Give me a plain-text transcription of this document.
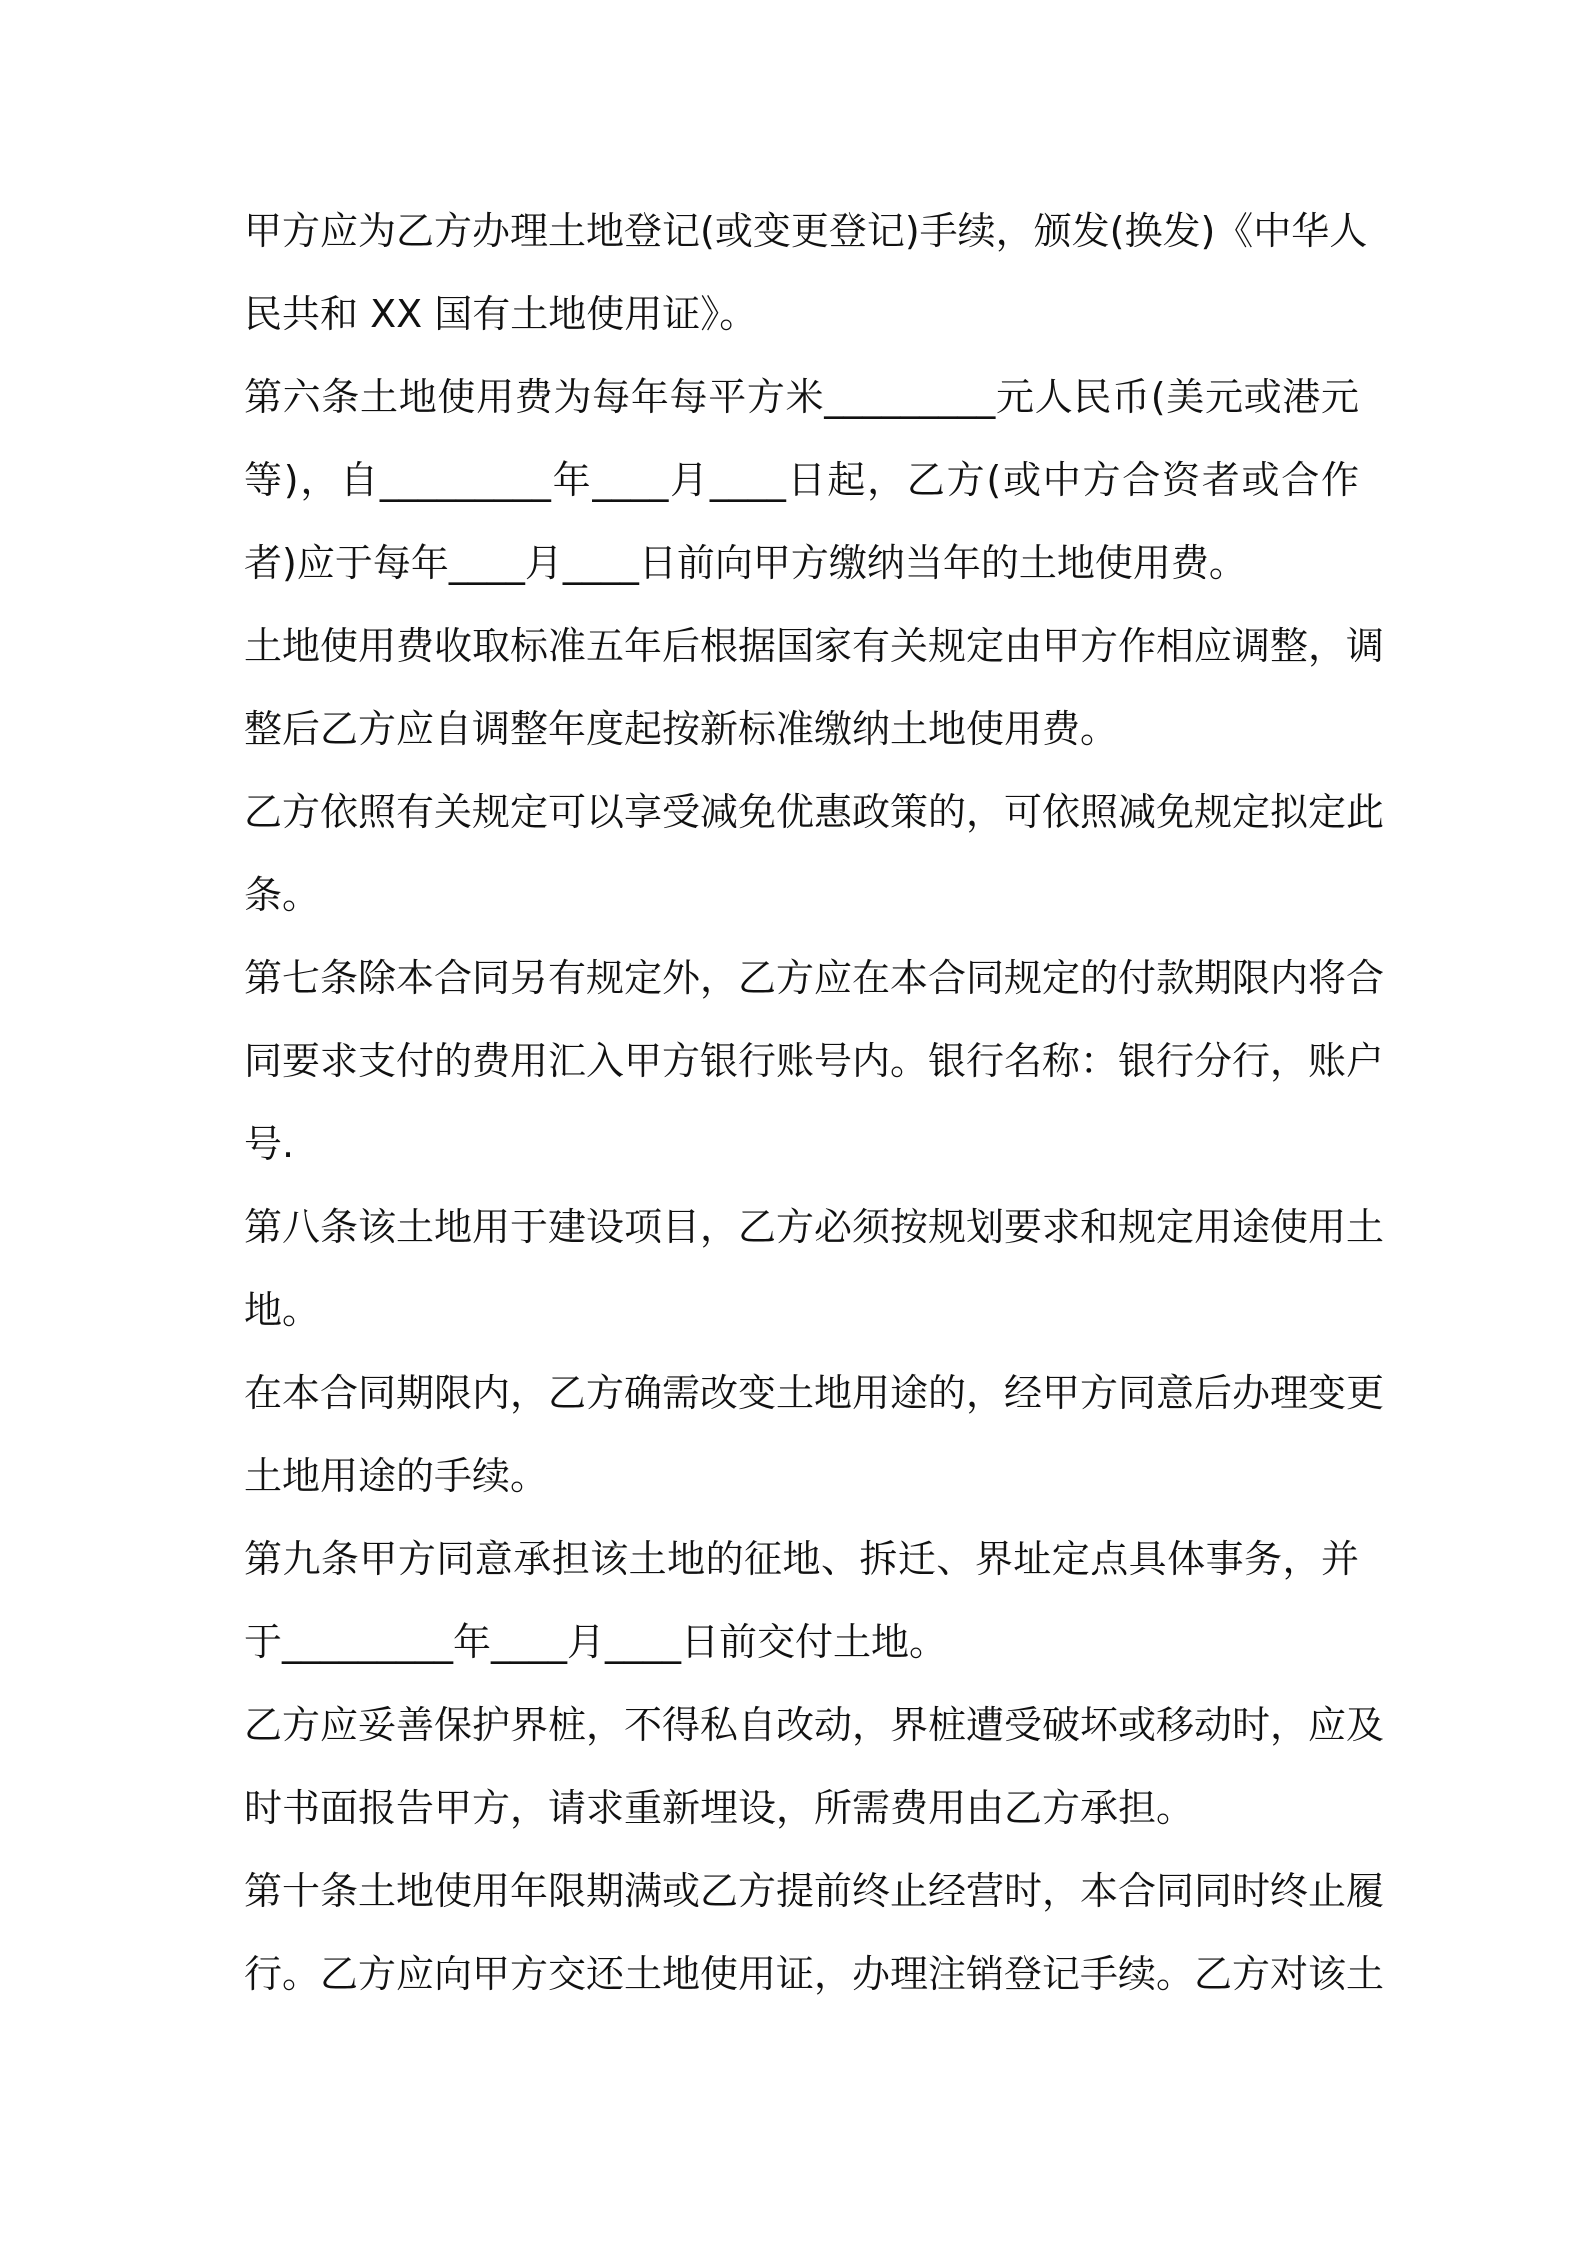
甲方应为乙方办理土地登记(或变更登记)手续，颁发(换发)《中华人
民共和 XX 国有土地使用证》。
第六条土地使用费为每年每平方米_________元人民币(美元或港元
等)，自_________年____月____日起，乙方(或中方合资者或合作
者)应于每年____月____日前向甲方缴纳当年的土地使用费。
土地使用费收取标准五年后根据国家有关规定由甲方作相应调整，调
整后乙方应自调整年度起按新标准缴纳土地使用费。
乙方依照有关规定可以享受减免优惠政策的，可依照减免规定拟定此
条。
第七条除本合同另有规定外，乙方应在本合同规定的付款期限内将合
同要求支付的费用汇入甲方银行账号内。银行名称：银行分行，账户
号.
第八条该土地用于建设项目，乙方必须按规划要求和规定用途使用土
地。
在本合同期限内，乙方确需改变土地用途的，经甲方同意后办理变更
土地用途的手续。
第九条甲方同意承担该土地的征地、拆迁、界址定点具体事务，并
于_________年____月____日前交付土地。
乙方应妥善保护界桩，不得私自改动，界桩遭受破坏或移动时，应及
时书面报告甲方，请求重新埋设，所需费用由乙方承担。
第十条土地使用年限期满或乙方提前终止经营时，本合同同时终止履
行。乙方应向甲方交还土地使用证，办理注销登记手续。乙方对该土
